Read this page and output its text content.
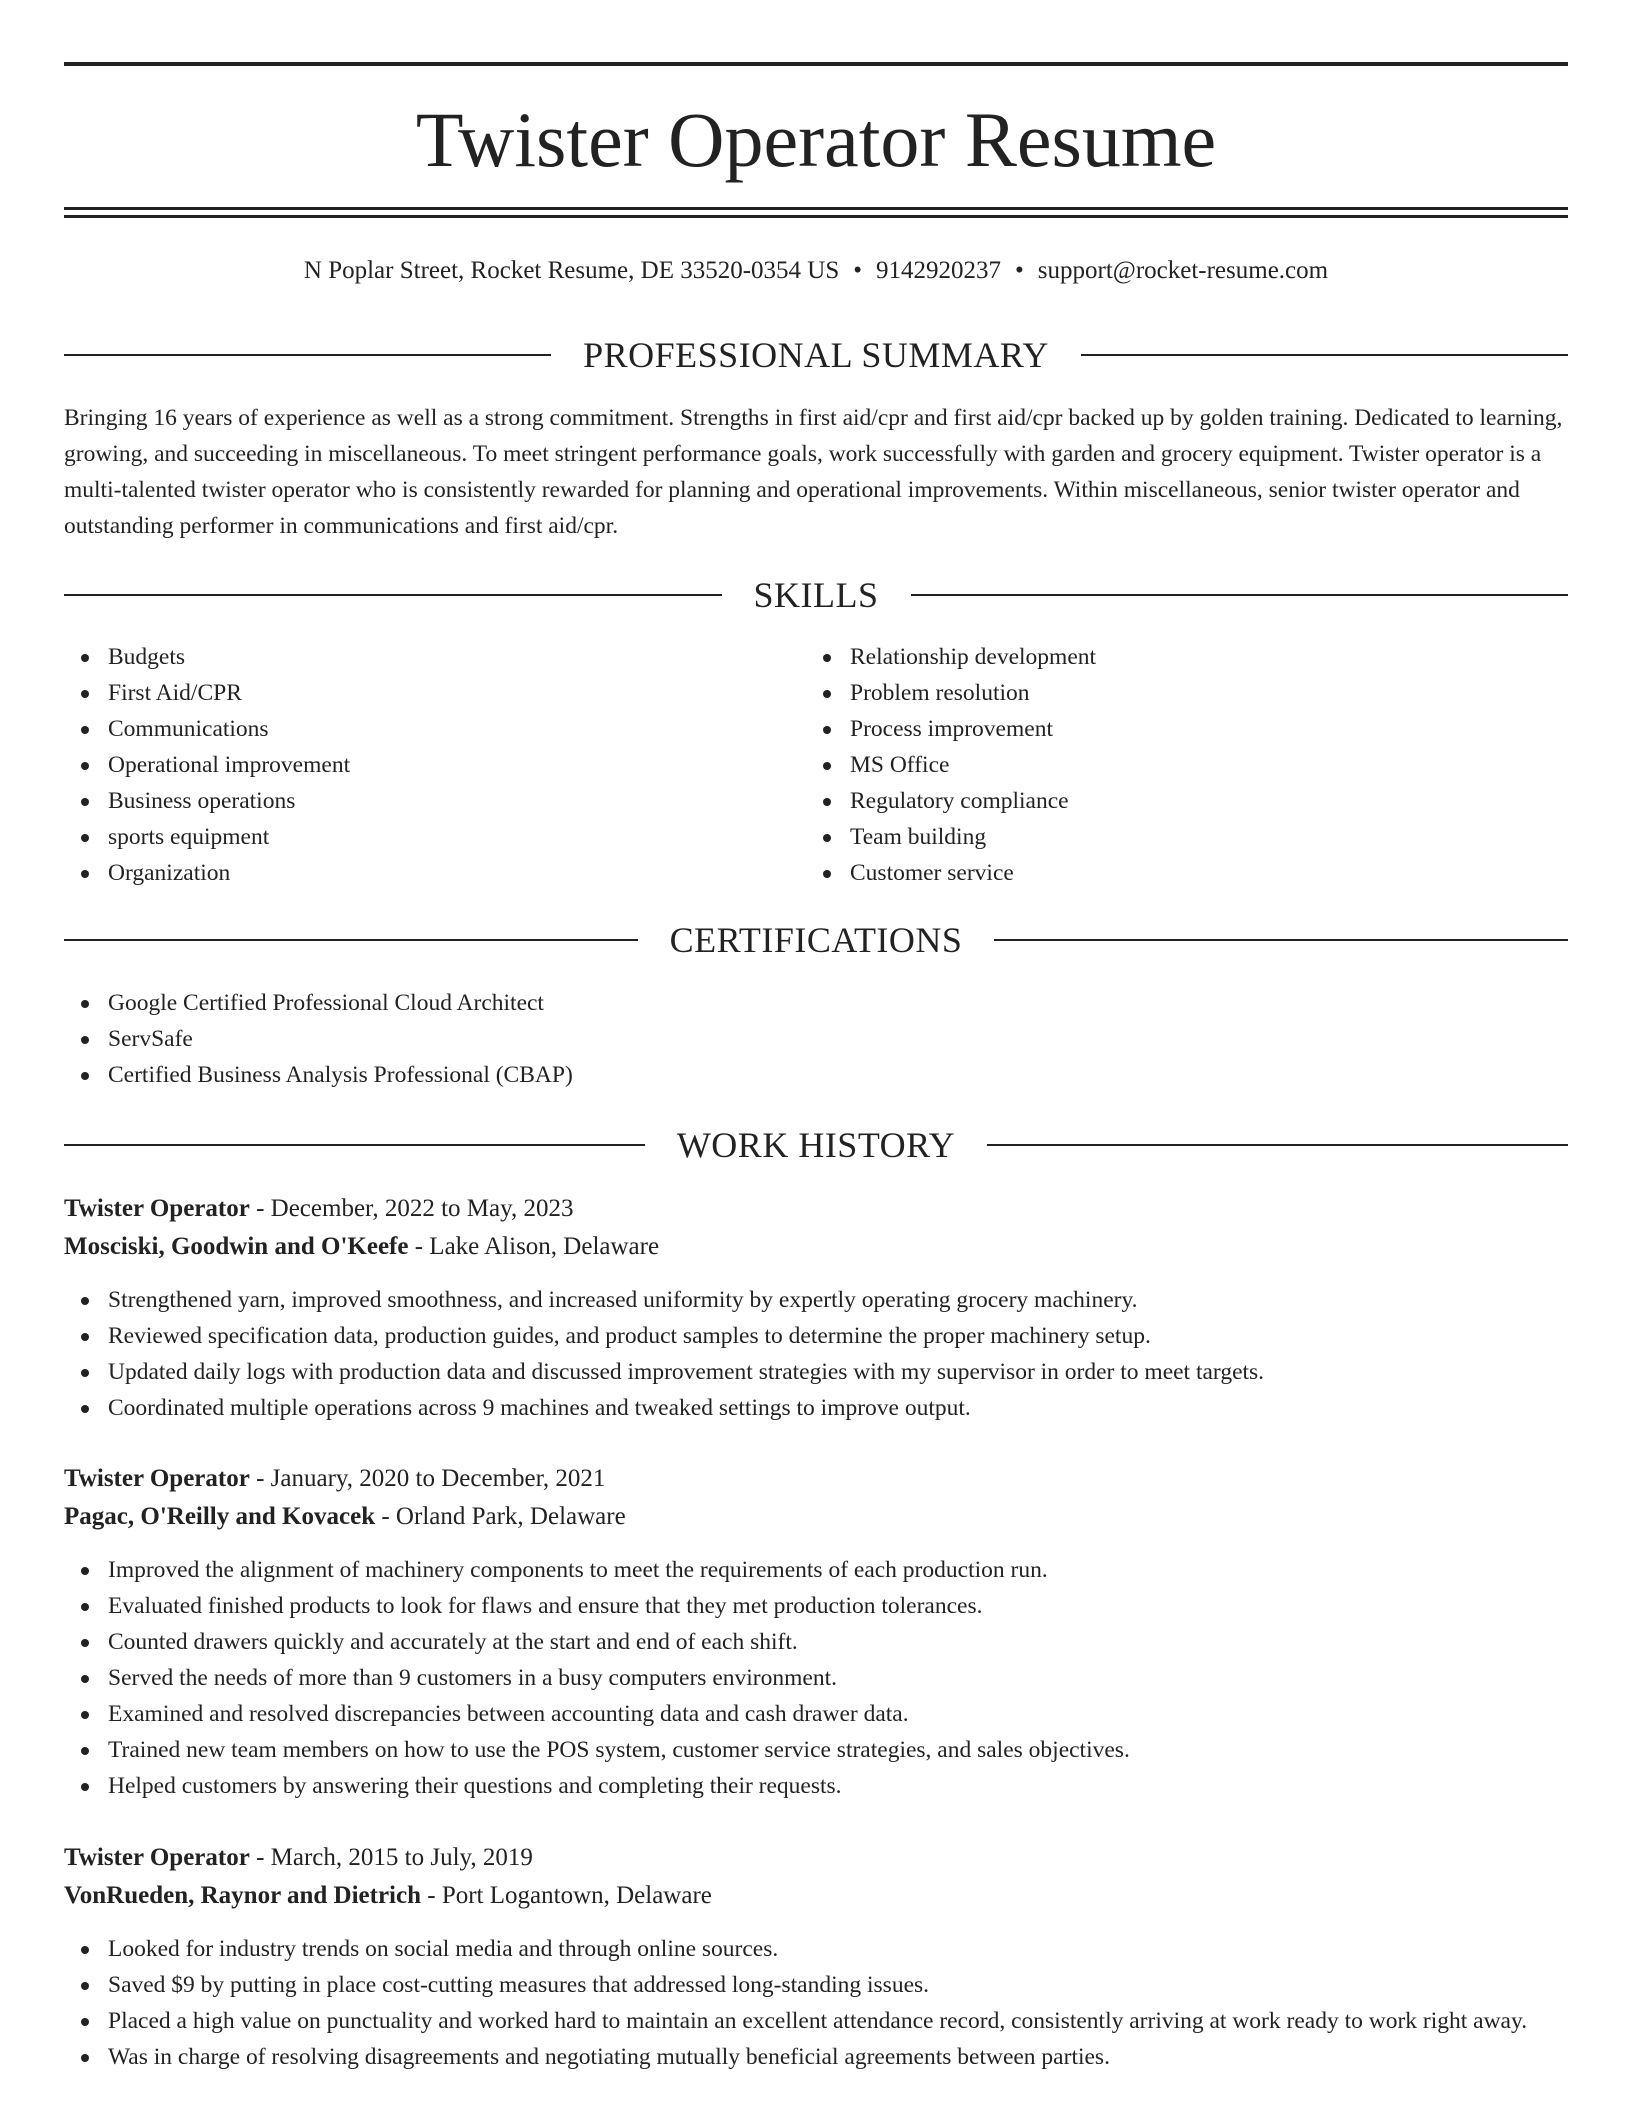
Twister Operator Resume
N Poplar Street, Rocket Resume, DE 33520-0354 US • 9142920237 • support@rocket-resume.com
PROFESSIONAL SUMMARY

Bringing 16 years of experience as well as a strong commitment. Strengths in first aid/cpr and first aid/cpr backed up by golden training. Dedicated to learning, growing, and succeeding in miscellaneous. To meet stringent performance goals, work successfully with garden and grocery equipment. Twister operator is a multi-talented twister operator who is consistently rewarded for planning and operational improvements. Within miscellaneous, senior twister operator and outstanding performer in communications and first aid/cpr.

SKILLS
Budgets
First Aid/CPR
Communications
Operational improvement
Business operations
sports equipment
Organization
Relationship development
Problem resolution
Process improvement
MS Office
Regulatory compliance
Team building
Customer service
CERTIFICATIONS
Google Certified Professional Cloud Architect
ServSafe
Certified Business Analysis Professional (CBAP)
WORK HISTORY
Twister Operator - December, 2022 to May, 2023
Mosciski, Goodwin and O'Keefe - Lake Alison, Delaware
Strengthened yarn, improved smoothness, and increased uniformity by expertly operating grocery machinery.
Reviewed specification data, production guides, and product samples to determine the proper machinery setup.
Updated daily logs with production data and discussed improvement strategies with my supervisor in order to meet targets.
Coordinated multiple operations across 9 machines and tweaked settings to improve output.
Twister Operator - January, 2020 to December, 2021
Pagac, O'Reilly and Kovacek - Orland Park, Delaware
Improved the alignment of machinery components to meet the requirements of each production run.
Evaluated finished products to look for flaws and ensure that they met production tolerances.
Counted drawers quickly and accurately at the start and end of each shift.
Served the needs of more than 9 customers in a busy computers environment.
Examined and resolved discrepancies between accounting data and cash drawer data.
Trained new team members on how to use the POS system, customer service strategies, and sales objectives.
Helped customers by answering their questions and completing their requests.
Twister Operator - March, 2015 to July, 2019
VonRueden, Raynor and Dietrich - Port Logantown, Delaware
Looked for industry trends on social media and through online sources.
Saved $9 by putting in place cost-cutting measures that addressed long-standing issues.
Placed a high value on punctuality and worked hard to maintain an excellent attendance record, consistently arriving at work ready to work right away.
Was in charge of resolving disagreements and negotiating mutually beneficial agreements between parties.
